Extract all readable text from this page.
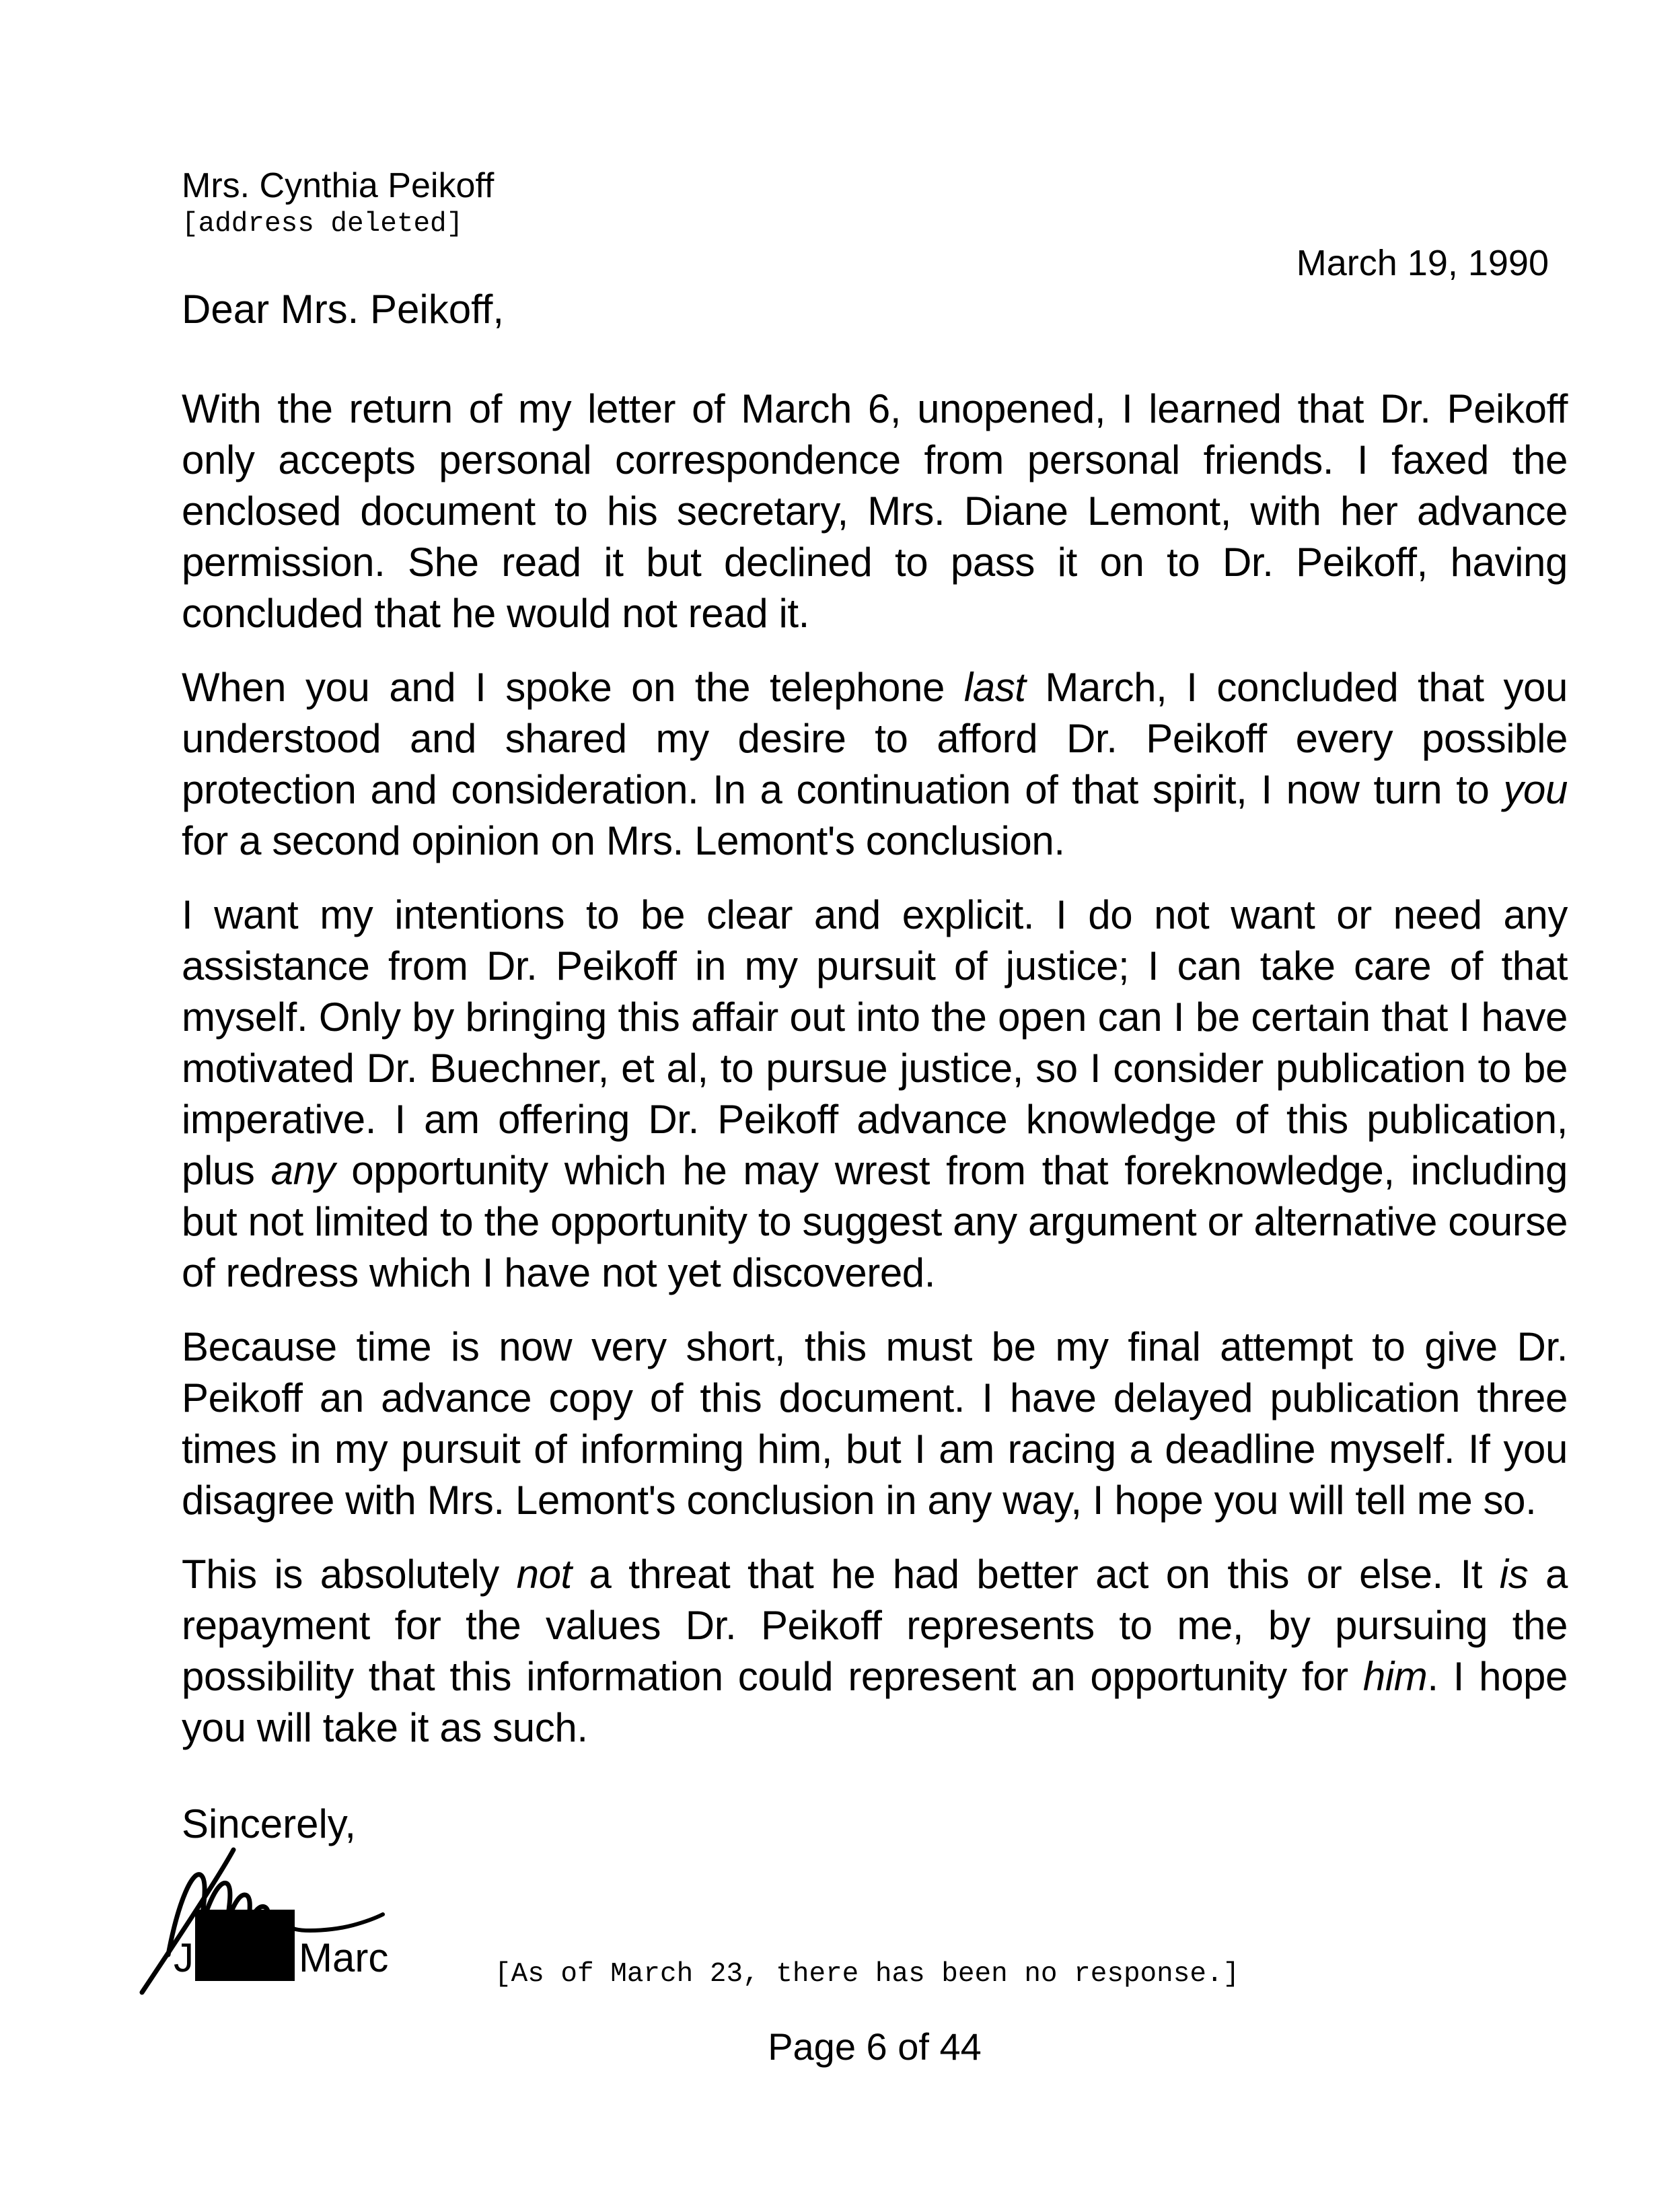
Mrs. Cynthia Peikoff
[address deleted]
March 19, 1990
Dear Mrs. Peikoff,

With the return of my letter of March 6, unopened, I learned that Dr. Peikoff only accepts personal correspondence from personal friends. I faxed the enclosed document to his secretary, Mrs. Diane Lemont, with her advance permission. She read it but declined to pass it on to Dr. Peikoff, having concluded that he would not read it.

When you and I spoke on the telephone last March, I concluded that you understood and shared my desire to afford Dr. Peikoff every possible protection and consideration. In a continuation of that spirit, I now turn to you for a second opinion on Mrs. Lemont's conclusion.

I want my intentions to be clear and explicit. I do not want or need any assistance from Dr. Peikoff in my pursuit of justice; I can take care of that myself. Only by bringing this affair out into the open can I be certain that I have motivated Dr. Buechner, et al, to pursue justice, so I consider publication to be imperative. I am offering Dr. Peikoff advance knowledge of this publication, plus any opportunity which he may wrest from that foreknowledge, including but not limited to the opportunity to suggest any argument or alternative course of redress which I have not yet discovered.

Because time is now very short, this must be my final attempt to give Dr. Peikoff an advance copy of this document. I have delayed publication three times in my pursuit of informing him, but I am racing a deadline myself. If you disagree with Mrs. Lemont's conclusion in any way, I hope you will tell me so.

This is absolutely not a threat that he had better act on this or else. It is a repayment for the values Dr. Peikoff represents to me, by pursuing the possibility that this information could represent an opportunity for him. I hope you will take it as such.

Sincerely,
J	Marc	[As of March 23, there has been no response.]
Page 6 of 44
